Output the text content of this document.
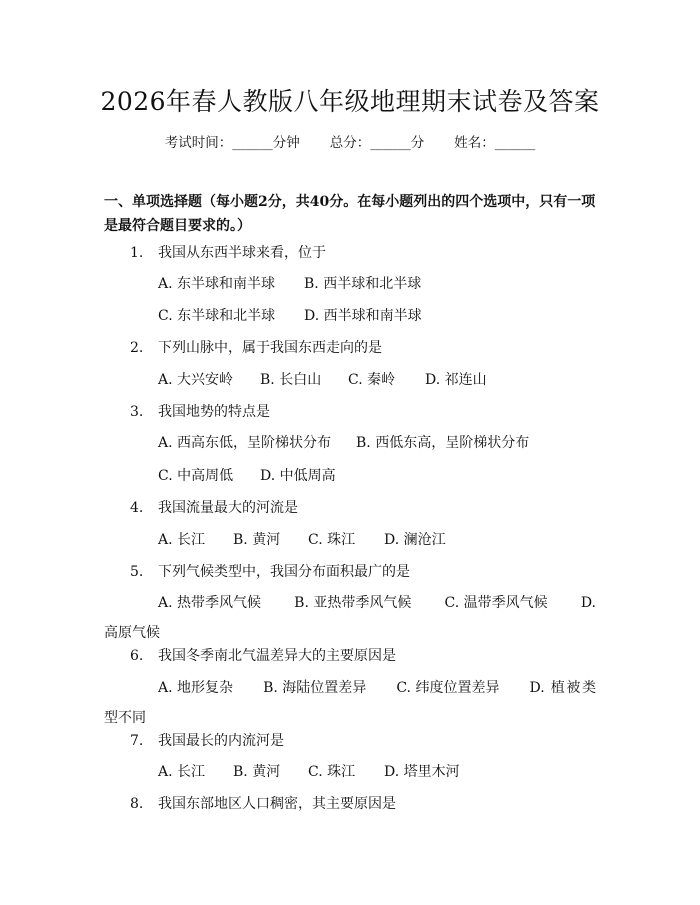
2026年春人教版八年级地理期末试卷及答案
考试时间：______分钟 总分：______分 姓名：______
一、单项选择题（每小题2分，共40分。在每小题列出的四个选项中，只有一项是最符合题目要求的。）
1. 我国从东西半球来看，位于
A. 东半球和南半球 B. 西半球和北半球
C. 东半球和北半球 D. 西半球和南半球
2. 下列山脉中，属于我国东西走向的是
A. 大兴安岭 B. 长白山 C. 秦岭 D. 祁连山
3. 我国地势的特点是
A. 西高东低，呈阶梯状分布 B. 西低东高，呈阶梯状分布
C. 中高周低 D. 中低周高
4. 我国流量最大的河流是
A. 长江 B. 黄河 C. 珠江 D. 澜沧江
5. 下列气候类型中，我国分布面积最广的是
A. 热带季风气候 B. 亚热带季风气候 C. 温带季风气候 D. 高原气候
6. 我国冬季南北气温差异大的主要原因是
A. 地形复杂 B. 海陆位置差异 C. 纬度位置差异 D. 植被类型不同
7. 我国最长的内流河是
A. 长江 B. 黄河 C. 珠江 D. 塔里木河
8. 我国东部地区人口稠密，其主要原因是
